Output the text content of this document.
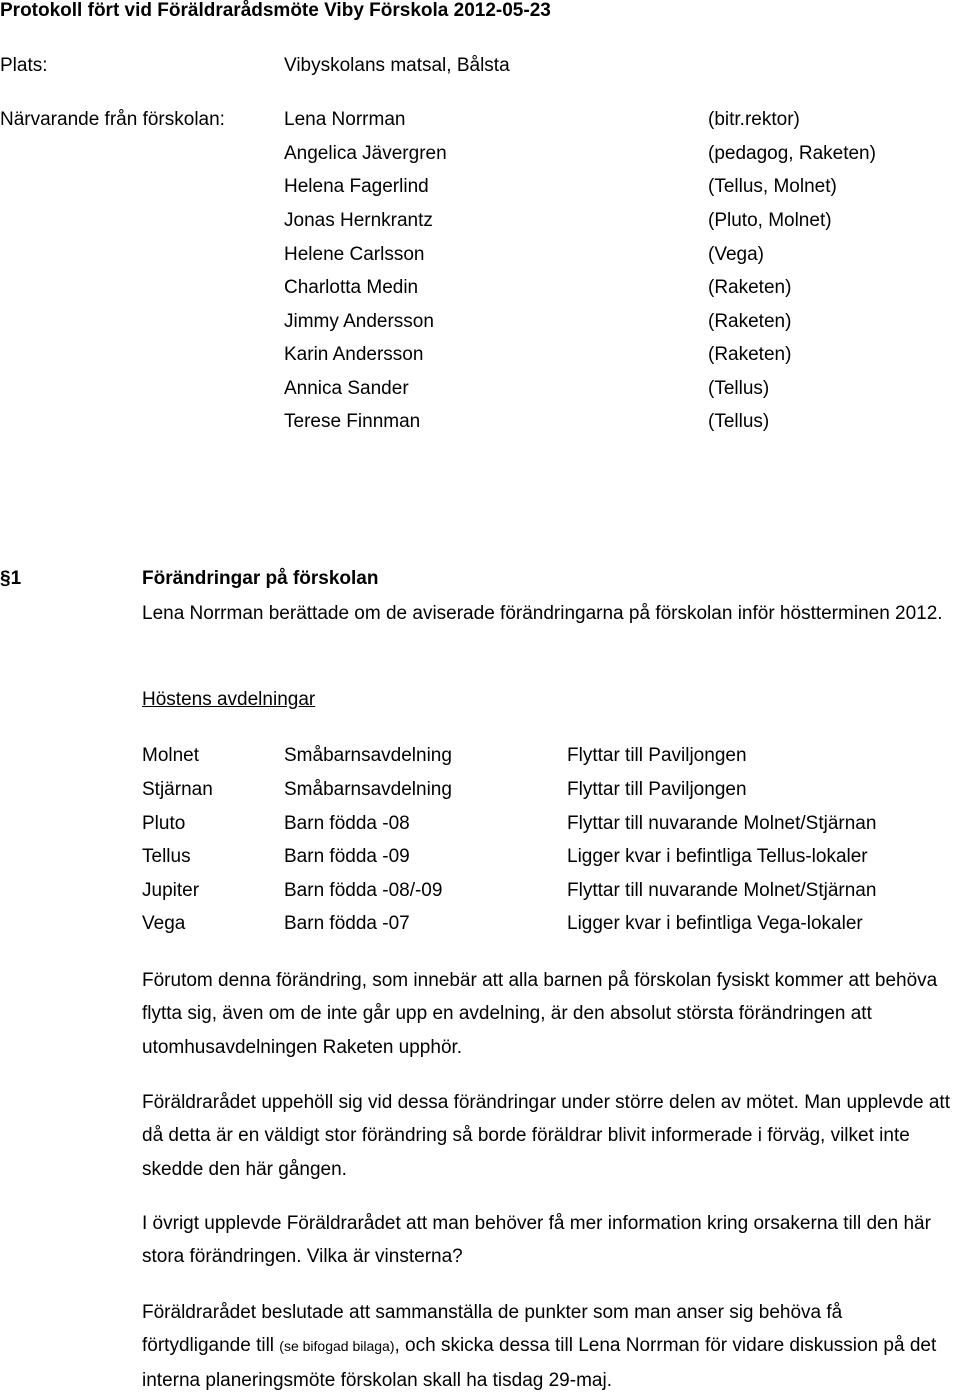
Protokoll fört vid Föräldrarådsmöte Viby Förskola 2012-05-23
Plats:	Vibyskolans matsal, Bålsta
Närvarande från förskolan:	Lena Norrman	(bitr.rektor)
Angelica Jävergren	(pedagog, Raketen)
Helena Fagerlind	(Tellus, Molnet)
Jonas Hernkrantz	(Pluto, Molnet)
Helene Carlsson	(Vega)
Charlotta Medin	(Raketen)
Jimmy Andersson	(Raketen)
Karin Andersson	(Raketen)
Annica Sander	(Tellus)
Terese Finnman	(Tellus)
§1	Förändringar på förskolan
Lena Norrman berättade om de aviserade förändringarna på förskolan inför höstterminen 2012.
Höstens avdelningar
Molnet	Småbarnsavdelning	Flyttar till Paviljongen
Stjärnan	Småbarnsavdelning	Flyttar till Paviljongen
Pluto	Barn födda -08	Flyttar till nuvarande Molnet/Stjärnan
Tellus	Barn födda -09	Ligger kvar i befintliga Tellus-lokaler
Jupiter	Barn födda -08/-09	Flyttar till nuvarande Molnet/Stjärnan
Vega	Barn födda -07	Ligger kvar i befintliga Vega-lokaler
Förutom denna förändring, som innebär att alla barnen på förskolan fysiskt kommer att behöva flytta sig, även om de inte går upp en avdelning, är den absolut största förändringen att utomhusavdelningen Raketen upphör.
Föräldrarådet uppehöll sig vid dessa förändringar under större delen av mötet. Man upplevde att då detta är en väldigt stor förändring så borde föräldrar blivit informerade i förväg, vilket inte skedde den här gången.
I övrigt upplevde Föräldrarådet att man behöver få mer information kring orsakerna till den här stora förändringen. Vilka är vinsterna?
Föräldrarådet beslutade att sammanställa de punkter som man anser sig behöva få förtydligande till (se bifogad bilaga), och skicka dessa till Lena Norrman för vidare diskussion på det interna planeringsmöte förskolan skall ha tisdag 29-maj.
